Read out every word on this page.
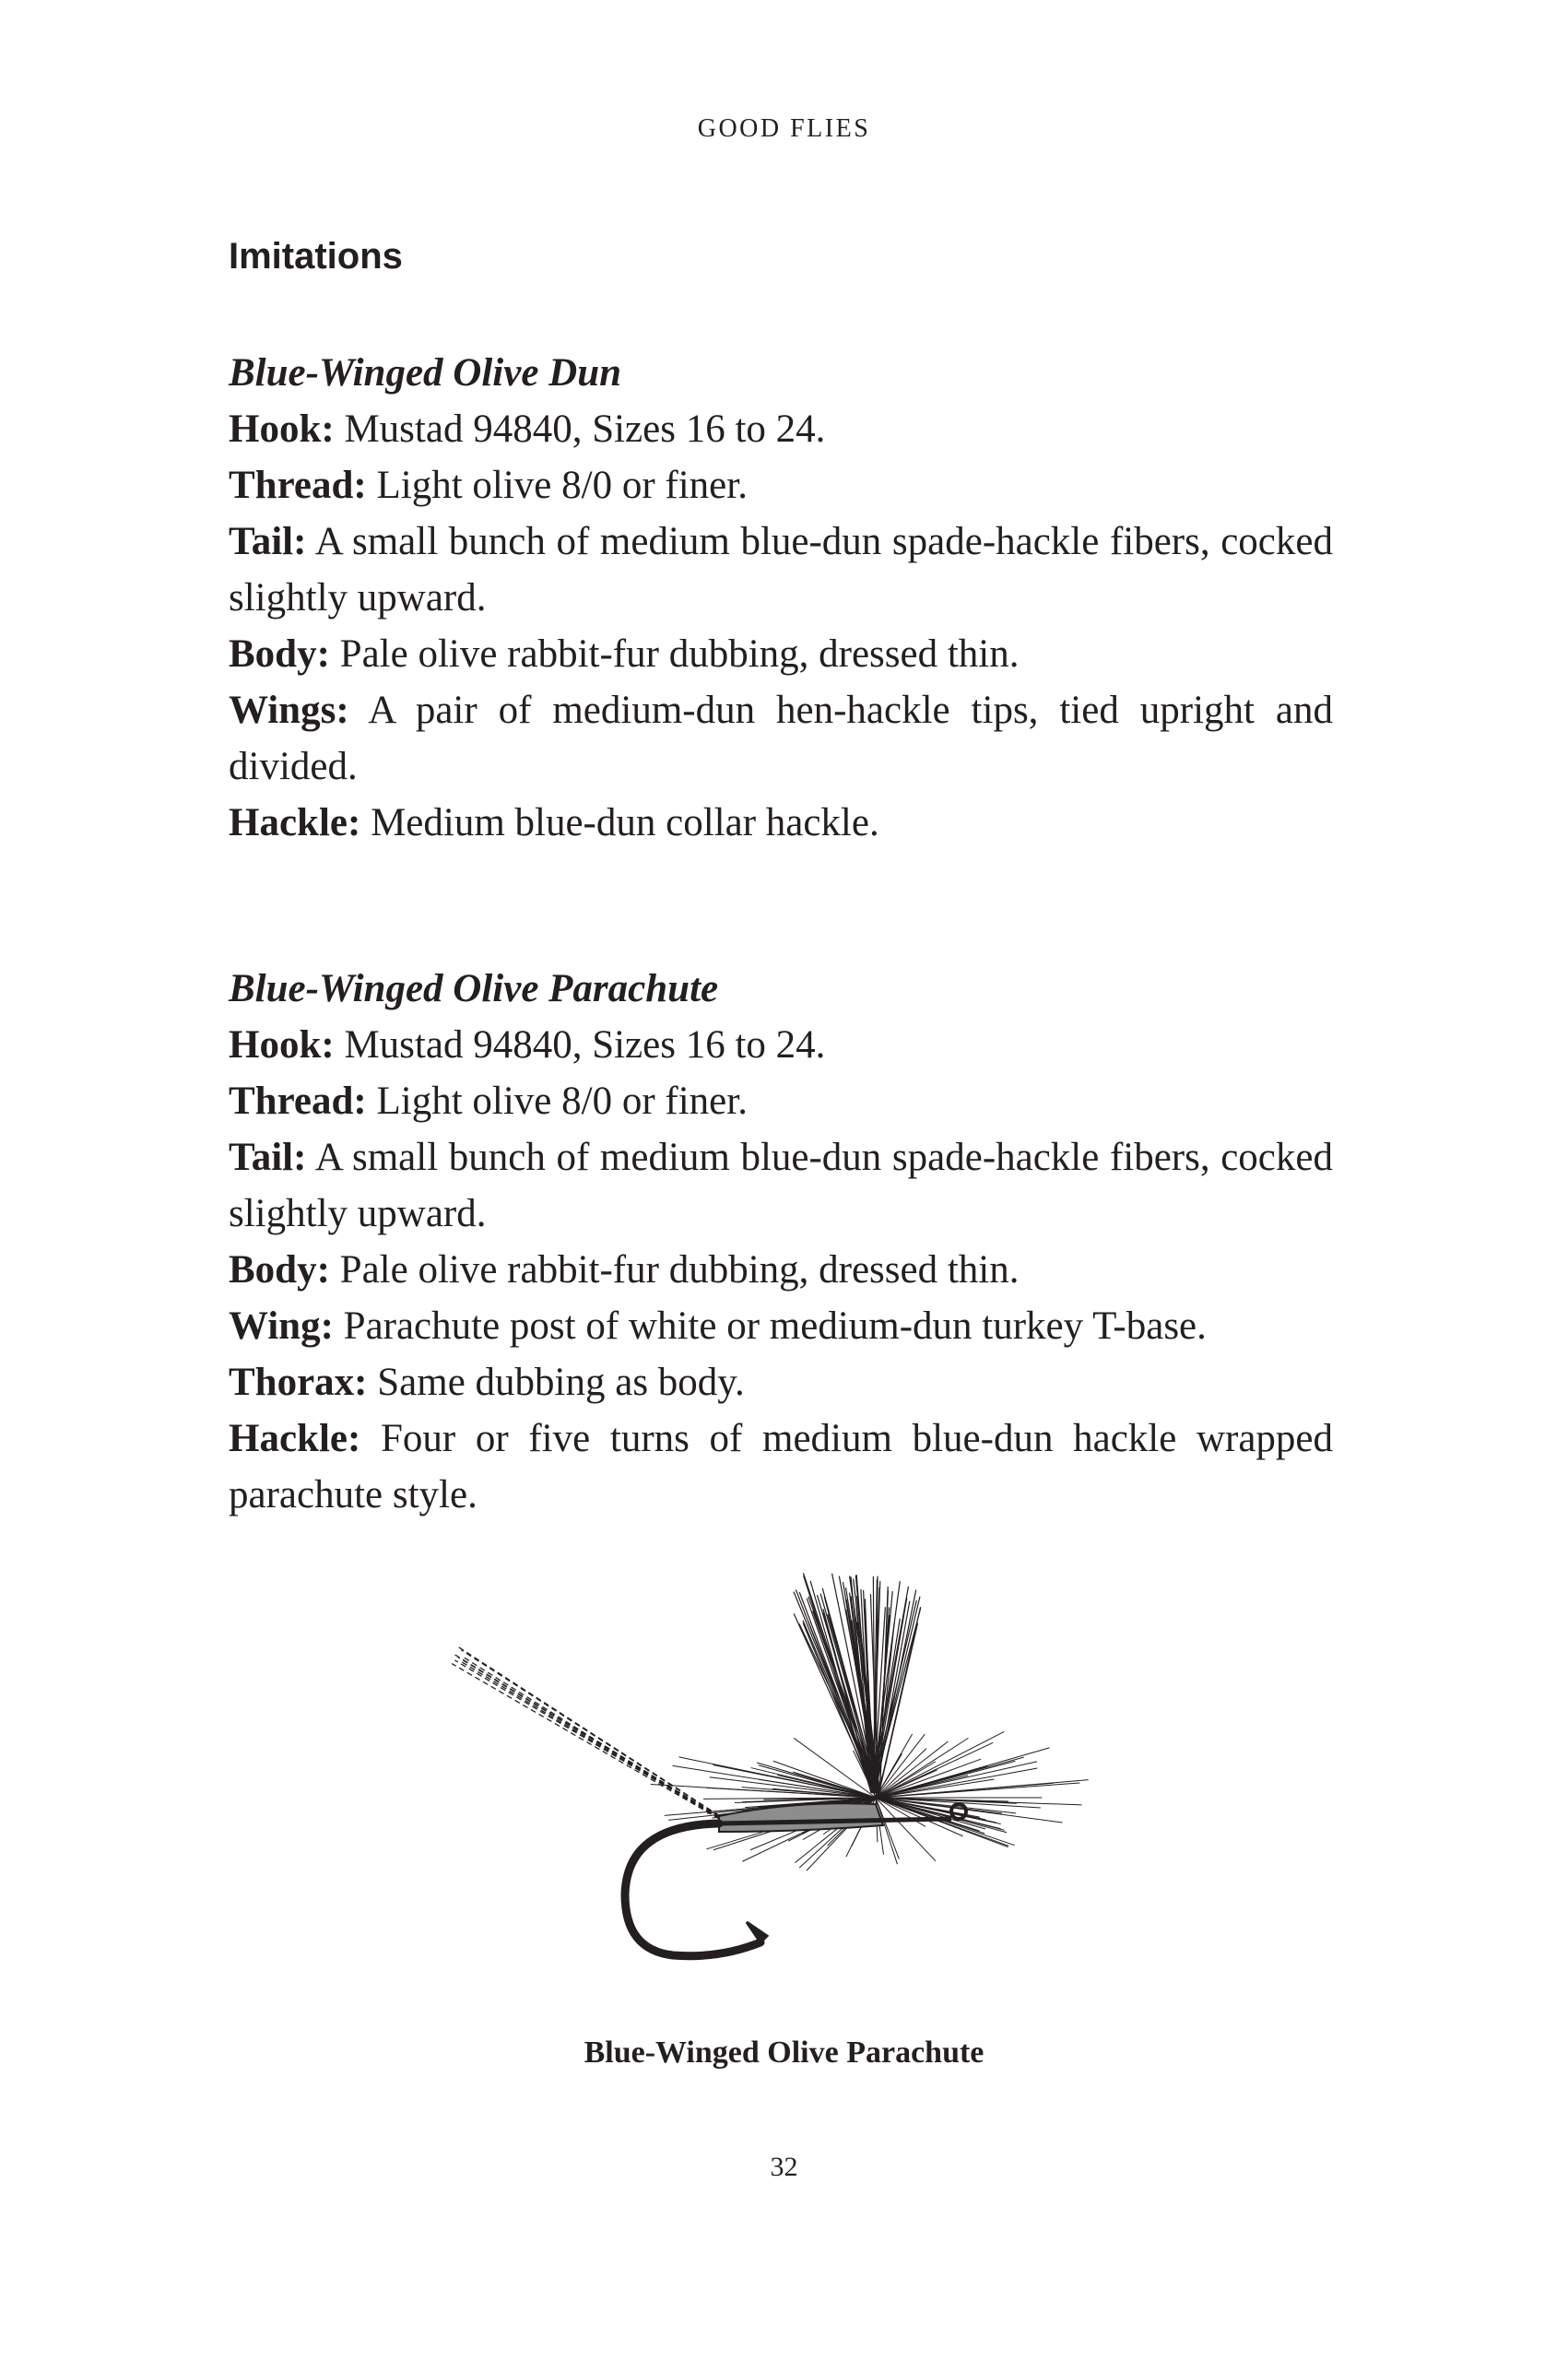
GOOD FLIES
Imitations

Blue-Winged Olive Dun

Hook: Mustad 94840, Sizes 16 to 24.

Thread: Light olive 8/0 or finer.

Tail: A small bunch of medium blue-dun spade-hackle fibers, cocked slightly upward.

Body: Pale olive rabbit-fur dubbing, dressed thin.

Wings: A pair of medium-dun hen-hackle tips, tied upright and divided.

Hackle: Medium blue-dun collar hackle.

Blue-Winged Olive Parachute

Hook: Mustad 94840, Sizes 16 to 24.

Thread: Light olive 8/0 or finer.

Tail: A small bunch of medium blue-dun spade-hackle fibers, cocked slightly upward.

Body: Pale olive rabbit-fur dubbing, dressed thin.

Wing: Parachute post of white or medium-dun turkey T-base.

Thorax: Same dubbing as body.

Hackle: Four or five turns of medium blue-dun hackle wrapped parachute style.

Blue-Winged Olive Parachute
32
